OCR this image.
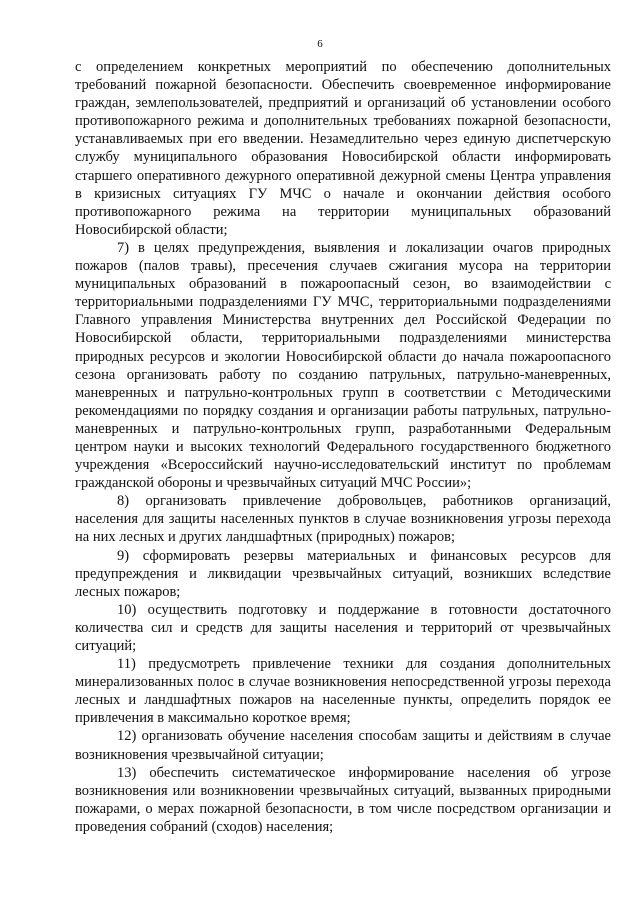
6

с определением конкретных мероприятий по обеспечению дополнительных требований пожарной безопасности. Обеспечить своевременное информирование граждан, землепользователей, предприятий и организаций об установлении особого противопожарного режима и дополнительных требованиях пожарной безопасности, устанавливаемых при его введении. Незамедлительно через единую диспетчерскую службу муниципального образования Новосибирской области информировать старшего оперативного дежурного оперативной дежурной смены Центра управления в кризисных ситуациях ГУ МЧС о начале и окончании действия особого противопожарного режима на территории муниципальных образований Новосибирской области;

7) в целях предупреждения, выявления и локализации очагов природных пожаров (палов травы), пресечения случаев сжигания мусора на территории муниципальных образований в пожароопасный сезон, во взаимодействии с территориальными подразделениями ГУ МЧС, территориальными подразделениями Главного управления Министерства внутренних дел Российской Федерации по Новосибирской области, территориальными подразделениями министерства природных ресурсов и экологии Новосибирской области до начала пожароопасного сезона организовать работу по созданию патрульных, патрульно-маневренных, маневренных и патрульно-контрольных групп в соответствии с Методическими рекомендациями по порядку создания и организации работы патрульных, патрульно-маневренных и патрульно-контрольных групп, разработанными Федеральным центром науки и высоких технологий Федерального государственного бюджетного учреждения «Всероссийский научно-исследовательский институт по проблемам гражданской обороны и чрезвычайных ситуаций МЧС России»;

8) организовать привлечение добровольцев, работников организаций, населения для защиты населенных пунктов в случае возникновения угрозы перехода на них лесных и других ландшафтных (природных) пожаров;

9) сформировать резервы материальных и финансовых ресурсов для предупреждения и ликвидации чрезвычайных ситуаций, возникших вследствие лесных пожаров;

10) осуществить подготовку и поддержание в готовности достаточного количества сил и средств для защиты населения и территорий от чрезвычайных ситуаций;

11) предусмотреть привлечение техники для создания дополнительных минерализованных полос в случае возникновения непосредственной угрозы перехода лесных и ландшафтных пожаров на населенные пункты, определить порядок ее привлечения в максимально короткое время;

12) организовать обучение населения способам защиты и действиям в случае возникновения чрезвычайной ситуации;

13) обеспечить систематическое информирование населения об угрозе возникновения или возникновении чрезвычайных ситуаций, вызванных природными пожарами, о мерах пожарной безопасности, в том числе посредством организации и проведения собраний (сходов) населения;
